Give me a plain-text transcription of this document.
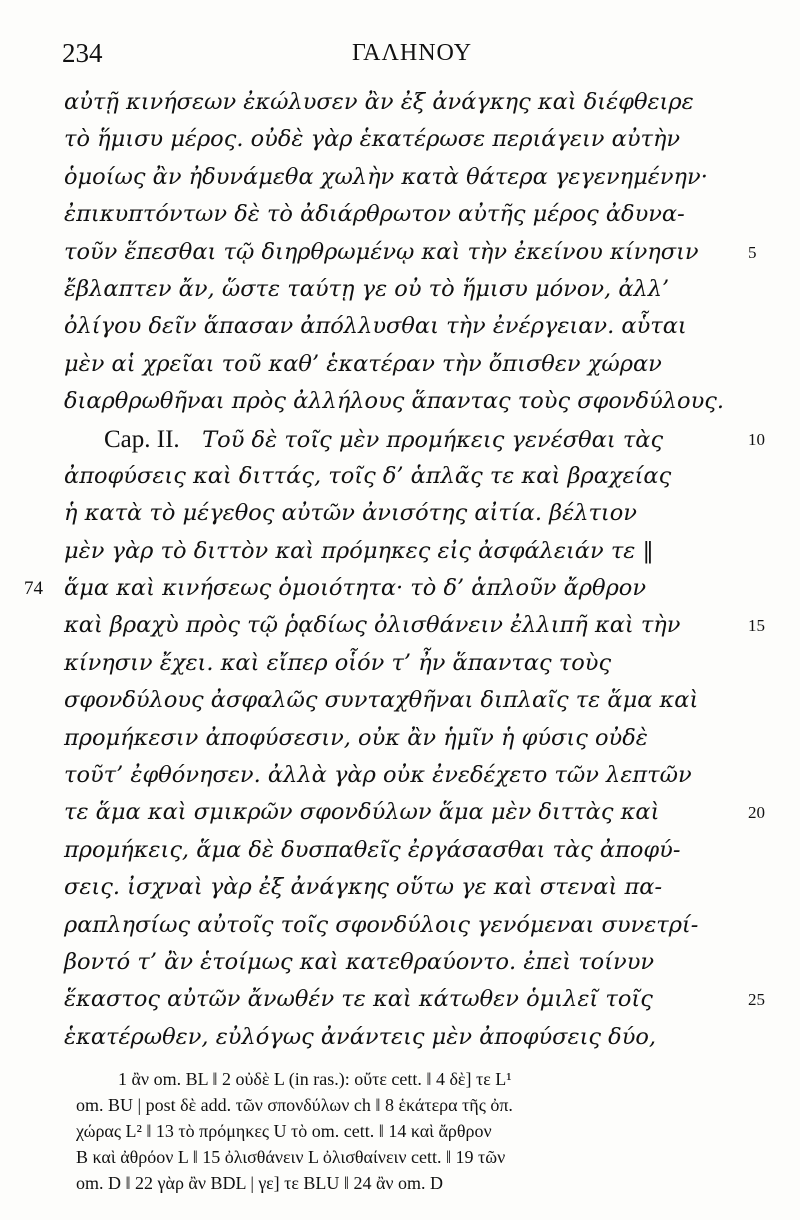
234	ΓΑΛΗΝΟΥ
αὐτῇ κινήσεων ἐκώλυσεν ἂν ἐξ ἀνάγκης καὶ διέφθειρε
τὸ ἥμισυ μέρος. οὐδὲ γὰρ ἑκατέρωσε περιάγειν αὐτὴν
ὁμοίως ἂν ἠδυνάμεθα χωλὴν κατὰ θάτερα γεγενημένην·
ἐπικυπτόντων δὲ τὸ ἀδιάρθρωτον αὐτῆς μέρος ἀδυνα-
τοῦν ἕπεσθαι τῷ διηρθρωμένῳ καὶ τὴν ἐκείνου κίνησιν	5
ἔβλαπτεν ἄν, ὥστε ταύτῃ γε οὐ τὸ ἥμισυ μόνον, ἀλλ’
ὀλίγου δεῖν ἅπασαν ἀπόλλυσθαι τὴν ἐνέργειαν. αὗται
μὲν αἱ χρεῖαι τοῦ καθ’ ἑκατέραν τὴν ὄπισθεν χώραν
διαρθρωθῆναι πρὸς ἀλλήλους ἅπαντας τοὺς σφονδύλους.
Cap. II.   Τοῦ δὲ τοῖς μὲν προμήκεις γενέσθαι τὰς	10
ἀποφύσεις καὶ διττάς, τοῖς δ’ ἁπλᾶς τε καὶ βραχείας
ἡ κατὰ τὸ μέγεθος αὐτῶν ἀνισότης αἰτία. βέλτιον
μὲν γὰρ τὸ διττὸν καὶ πρόμηκες εἰς ἀσφάλειάν τε ‖
74 ἅμα καὶ κινήσεως ὁμοιότητα· τὸ δ’ ἁπλοῦν ἄρθρον
καὶ βραχὺ πρὸς τῷ ῥᾳδίως ὀλισθάνειν ἐλλιπῆ καὶ τὴν	15
κίνησιν ἔχει. καὶ εἴπερ οἷόν τ’ ἦν ἅπαντας τοὺς
σφονδύλους ἀσφαλῶς συνταχθῆναι διπλαῖς τε ἅμα καὶ
προμήκεσιν ἀποφύσεσιν, οὐκ ἂν ἡμῖν ἡ φύσις οὐδὲ
τοῦτ’ ἐφθόνησεν. ἀλλὰ γὰρ οὐκ ἐνεδέχετο τῶν λεπτῶν
τε ἅμα καὶ σμικρῶν σφονδύλων ἅμα μὲν διττὰς καὶ	20
προμήκεις, ἅμα δὲ δυσπαθεῖς ἐργάσασθαι τὰς ἀποφύ-
σεις. ἰσχναὶ γὰρ ἐξ ἀνάγκης οὕτω γε καὶ στεναὶ πα-
ραπλησίως αὐτοῖς τοῖς σφονδύλοις γενόμεναι συνετρί-
βοντό τ’ ἂν ἑτοίμως καὶ κατεθραύοντο. ἐπεὶ τοίνυν
ἕκαστος αὐτῶν ἄνωθέν τε καὶ κάτωθεν ὁμιλεῖ τοῖς	25
ἑκατέρωθεν, εὐλόγως ἀνάντεις μὲν ἀποφύσεις δύο,
1 ἂν om. BL ‖ 2 οὐδὲ L (in ras.): οὔτε cett. ‖ 4 δὲ] τε L¹
om. BU | post δὲ add. τῶν σπονδύλων ch ‖ 8 ἑκάτερα τῆς ὀπ.
χώρας L² ‖ 13 τὸ πρόμηκες U τὸ om. cett. ‖ 14 καὶ ἄρθρον
B καὶ ἀθρόον L ‖ 15 ὀλισθάνειν L ὀλισθαίνειν cett. ‖ 19 τῶν
om. D ‖ 22 γὰρ ἂν BDL | γε] τε BLU ‖ 24 ἂν om. D
